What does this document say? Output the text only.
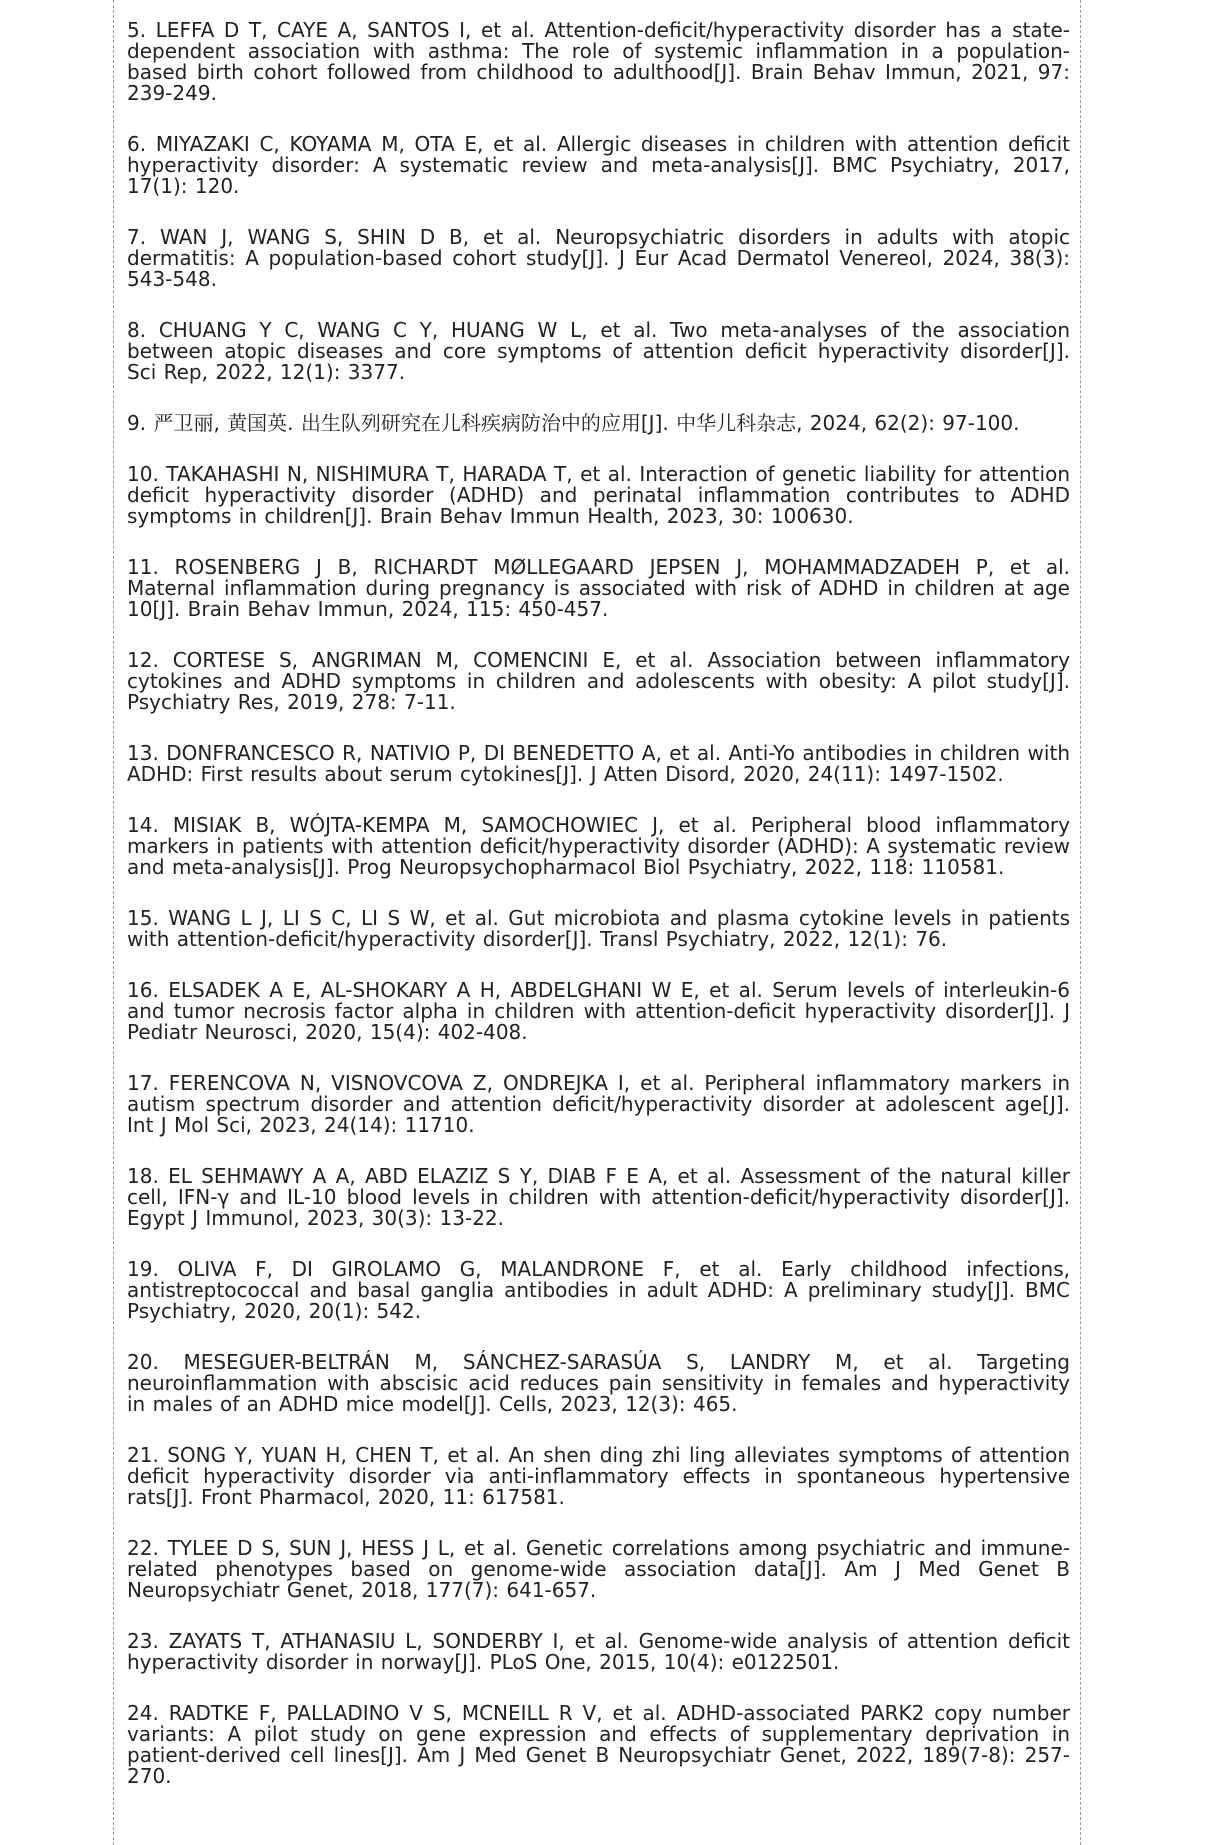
5. LEFFA D T, CAYE A, SANTOS I, et al. Attention-deficit/hyperactivity disorder has a state-dependent association with asthma: The role of systemic inflammation in a population-based birth cohort followed from childhood to adulthood[J]. Brain Behav Immun, 2021, 97: 239-249.
6. MIYAZAKI C, KOYAMA M, OTA E, et al. Allergic diseases in children with attention deficit hyperactivity disorder: A systematic review and meta-analysis[J]. BMC Psychiatry, 2017, 17(1): 120.
7. WAN J, WANG S, SHIN D B, et al. Neuropsychiatric disorders in adults with atopic dermatitis: A population-based cohort study[J]. J Eur Acad Dermatol Venereol, 2024, 38(3): 543-548.
8. CHUANG Y C, WANG C Y, HUANG W L, et al. Two meta-analyses of the association between atopic diseases and core symptoms of attention deficit hyperactivity disorder[J]. Sci Rep, 2022, 12(1): 3377.
9. 严卫丽, 黄国英. 出生队列研究在儿科疾病防治中的应用[J]. 中华儿科杂志, 2024, 62(2): 97-100.
10. TAKAHASHI N, NISHIMURA T, HARADA T, et al. Interaction of genetic liability for attention deficit hyperactivity disorder (ADHD) and perinatal inflammation contributes to ADHD symptoms in children[J]. Brain Behav Immun Health, 2023, 30: 100630.
11. ROSENBERG J B, RICHARDT MØLLEGAARD JEPSEN J, MOHAMMADZADEH P, et al. Maternal inflammation during pregnancy is associated with risk of ADHD in children at age 10[J]. Brain Behav Immun, 2024, 115: 450-457.
12. CORTESE S, ANGRIMAN M, COMENCINI E, et al. Association between inflammatory cytokines and ADHD symptoms in children and adolescents with obesity: A pilot study[J]. Psychiatry Res, 2019, 278: 7-11.
13. DONFRANCESCO R, NATIVIO P, DI BENEDETTO A, et al. Anti-Yo antibodies in children with ADHD: First results about serum cytokines[J]. J Atten Disord, 2020, 24(11): 1497-1502.
14. MISIAK B, WÓJTA-KEMPA M, SAMOCHOWIEC J, et al. Peripheral blood inflammatory markers in patients with attention deficit/hyperactivity disorder (ADHD): A systematic review and meta-analysis[J]. Prog Neuropsychopharmacol Biol Psychiatry, 2022, 118: 110581.
15. WANG L J, LI S C, LI S W, et al. Gut microbiota and plasma cytokine levels in patients with attention-deficit/hyperactivity disorder[J]. Transl Psychiatry, 2022, 12(1): 76.
16. ELSADEK A E, AL-SHOKARY A H, ABDELGHANI W E, et al. Serum levels of interleukin-6 and tumor necrosis factor alpha in children with attention-deficit hyperactivity disorder[J]. J Pediatr Neurosci, 2020, 15(4): 402-408.
17. FERENCOVA N, VISNOVCOVA Z, ONDREJKA I, et al. Peripheral inflammatory markers in autism spectrum disorder and attention deficit/hyperactivity disorder at adolescent age[J]. Int J Mol Sci, 2023, 24(14): 11710.
18. EL SEHMAWY A A, ABD ELAZIZ S Y, DIAB F E A, et al. Assessment of the natural killer cell, IFN-γ and IL-10 blood levels in children with attention-deficit/hyperactivity disorder[J]. Egypt J Immunol, 2023, 30(3): 13-22.
19. OLIVA F, DI GIROLAMO G, MALANDRONE F, et al. Early childhood infections, antistreptococcal and basal ganglia antibodies in adult ADHD: A preliminary study[J]. BMC Psychiatry, 2020, 20(1): 542.
20. MESEGUER-BELTRÁN M, SÁNCHEZ-SARASÚA S, LANDRY M, et al. Targeting neuroinflammation with abscisic acid reduces pain sensitivity in females and hyperactivity in males of an ADHD mice model[J]. Cells, 2023, 12(3): 465.
21. SONG Y, YUAN H, CHEN T, et al. An shen ding zhi ling alleviates symptoms of attention deficit hyperactivity disorder via anti-inflammatory effects in spontaneous hypertensive rats[J]. Front Pharmacol, 2020, 11: 617581.
22. TYLEE D S, SUN J, HESS J L, et al. Genetic correlations among psychiatric and immune-related phenotypes based on genome-wide association data[J]. Am J Med Genet B Neuropsychiatr Genet, 2018, 177(7): 641-657.
23. ZAYATS T, ATHANASIU L, SONDERBY I, et al. Genome-wide analysis of attention deficit hyperactivity disorder in norway[J]. PLoS One, 2015, 10(4): e0122501.
24. RADTKE F, PALLADINO V S, MCNEILL R V, et al. ADHD-associated PARK2 copy number variants: A pilot study on gene expression and effects of supplementary deprivation in patient-derived cell lines[J]. Am J Med Genet B Neuropsychiatr Genet, 2022, 189(7-8): 257-270.
